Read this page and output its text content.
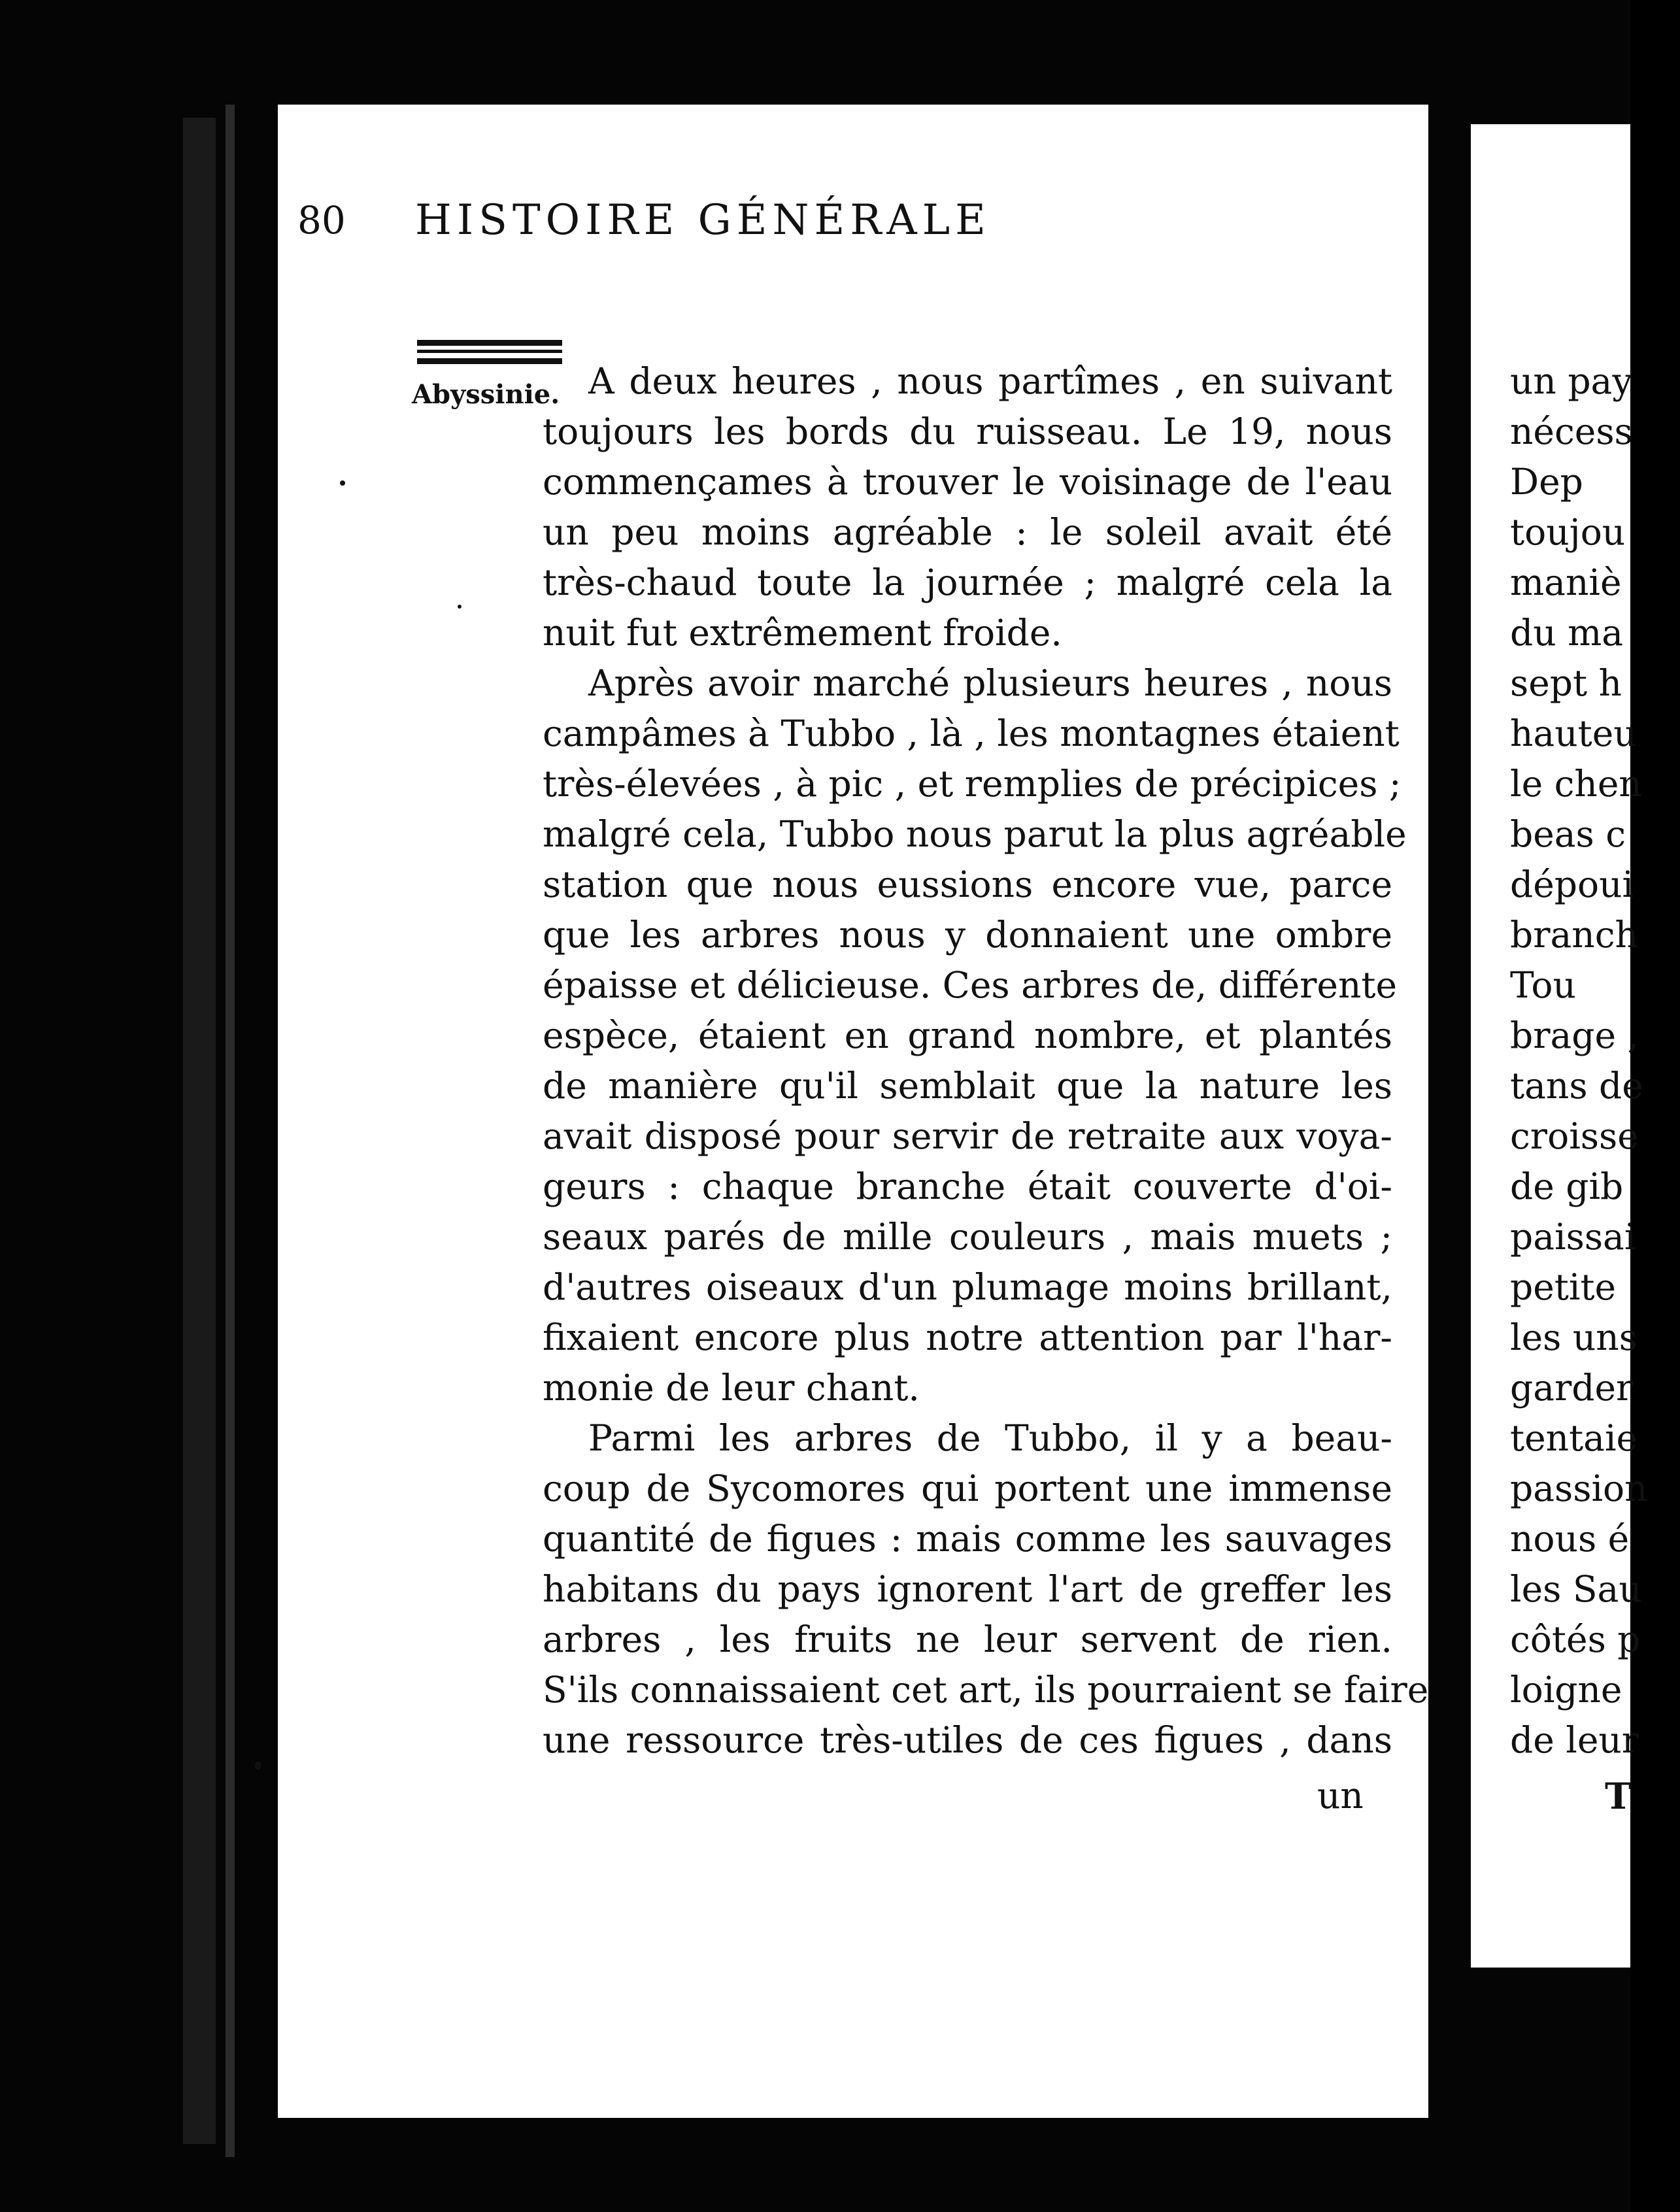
80 HISTOIRE GÉNÉRALE
Abyssinie. A deux heures , nous partîmes , en suivant
toujours les bords du ruisseau. Le 19, nous
commençames à trouver le voisinage de l'eau
un peu moins agréable : le soleil avait été
très-chaud toute la journée ; malgré cela la
nuit fut extrêmement froide.

Après avoir marché plusieurs heures , nous
campâmes à Tubbo , là , les montagnes étaient
très-élevées , à pic , et remplies de précipices ;
malgré cela, Tubbo nous parut la plus agréable
station que nous eussions encore vue, parce
que les arbres nous y donnaient une ombre
épaisse et délicieuse. Ces arbres de, différente
espèce, étaient en grand nombre, et plantés
de manière qu'il semblait que la nature les
avait disposé pour servir de retraite aux voya-
geurs : chaque branche était couverte d'oi-
seaux parés de mille couleurs , mais muets ;
d'autres oiseaux d'un plumage moins brillant,
fixaient encore plus notre attention par l'har-
monie de leur chant.

Parmi les arbres de Tubbo, il y a beau-
coup de Sycomores qui portent une immense
quantité de figues : mais comme les sauvages
habitans du pays ignorent l'art de greffer les
arbres , les fruits ne leur servent de rien.
S'ils connaissaient cet art, ils pourraient se faire
une ressource très-utiles de ces figues , dans

un
un pay
nécess
Dep
toujou
maniè
du ma
sept h
hauteu
le chen
beas c
dépoui
branch
Tou
brage ,
tans de
croisse
de gib
paissai
petite
les uns
garder
tentaie
passion
nous é
les Sau
côtés p
loigne
de leur
T
